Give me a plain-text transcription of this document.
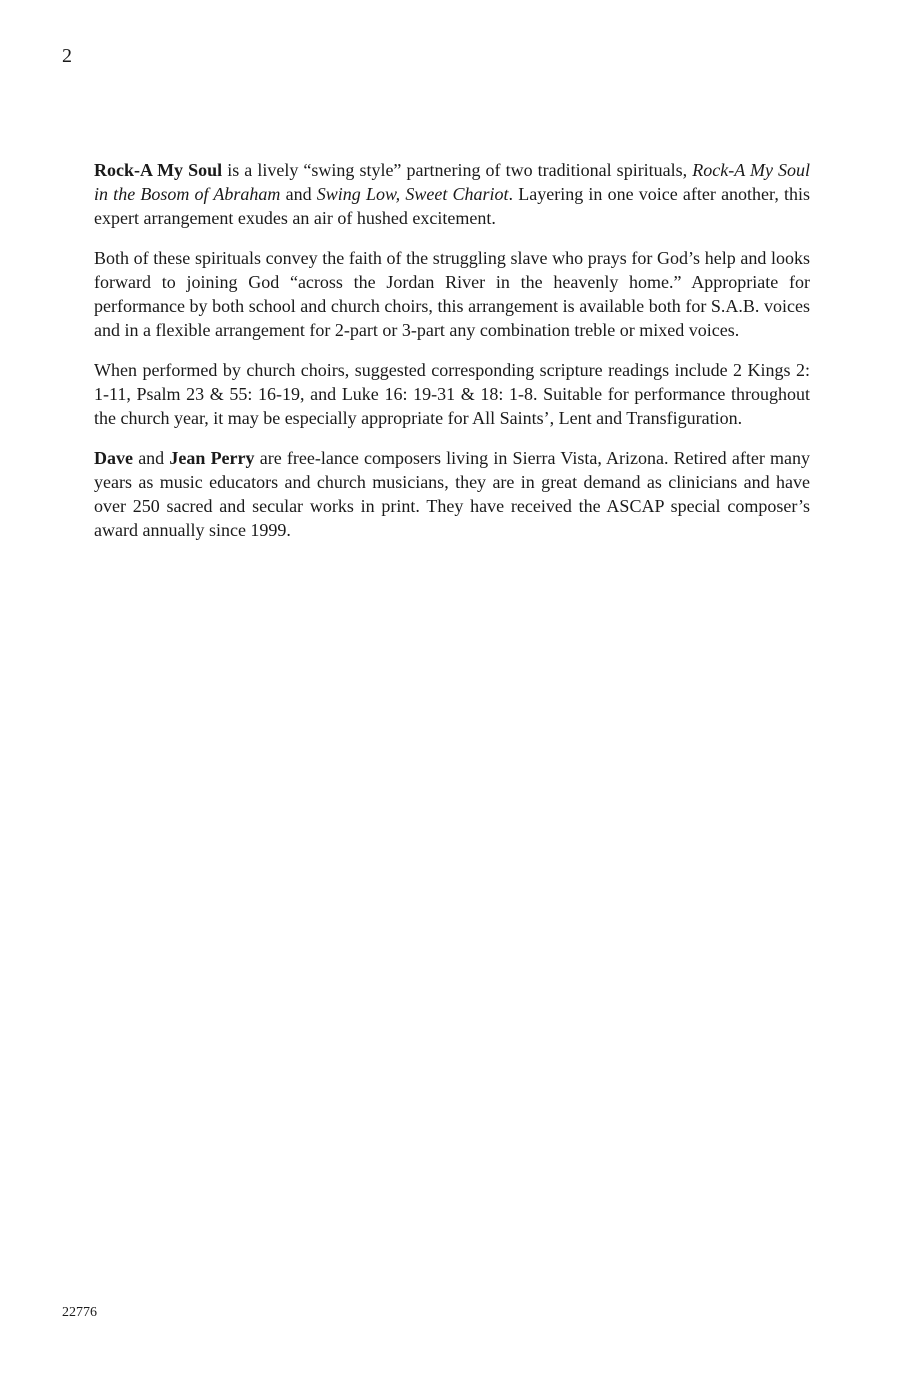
2

Rock-A My Soul is a lively “swing style” partnering of two traditional spirituals, Rock-A My Soul in the Bosom of Abraham and Swing Low, Sweet Chariot. Layering in one voice after another, this expert arrangement exudes an air of hushed excitement.

Both of these spirituals convey the faith of the struggling slave who prays for God’s help and looks forward to joining God “across the Jordan River in the heavenly home.” Appropriate for performance by both school and church choirs, this arrangement is available both for S.A.B. voices and in a flexible arrangement for 2-part or 3-part any combination treble or mixed voices.

When performed by church choirs, suggested corresponding scripture readings include 2 Kings 2: 1-11, Psalm 23 & 55: 16-19, and Luke 16: 19-31 & 18: 1-8. Suitable for performance throughout the church year, it may be especially appropriate for All Saints’, Lent and Transfiguration.

Dave and Jean Perry are free-lance composers living in Sierra Vista, Arizona. Retired after many years as music educators and church musicians, they are in great demand as clinicians and have over 250 sacred and secular works in print. They have received the ASCAP special composer’s award annually since 1999.

22776
